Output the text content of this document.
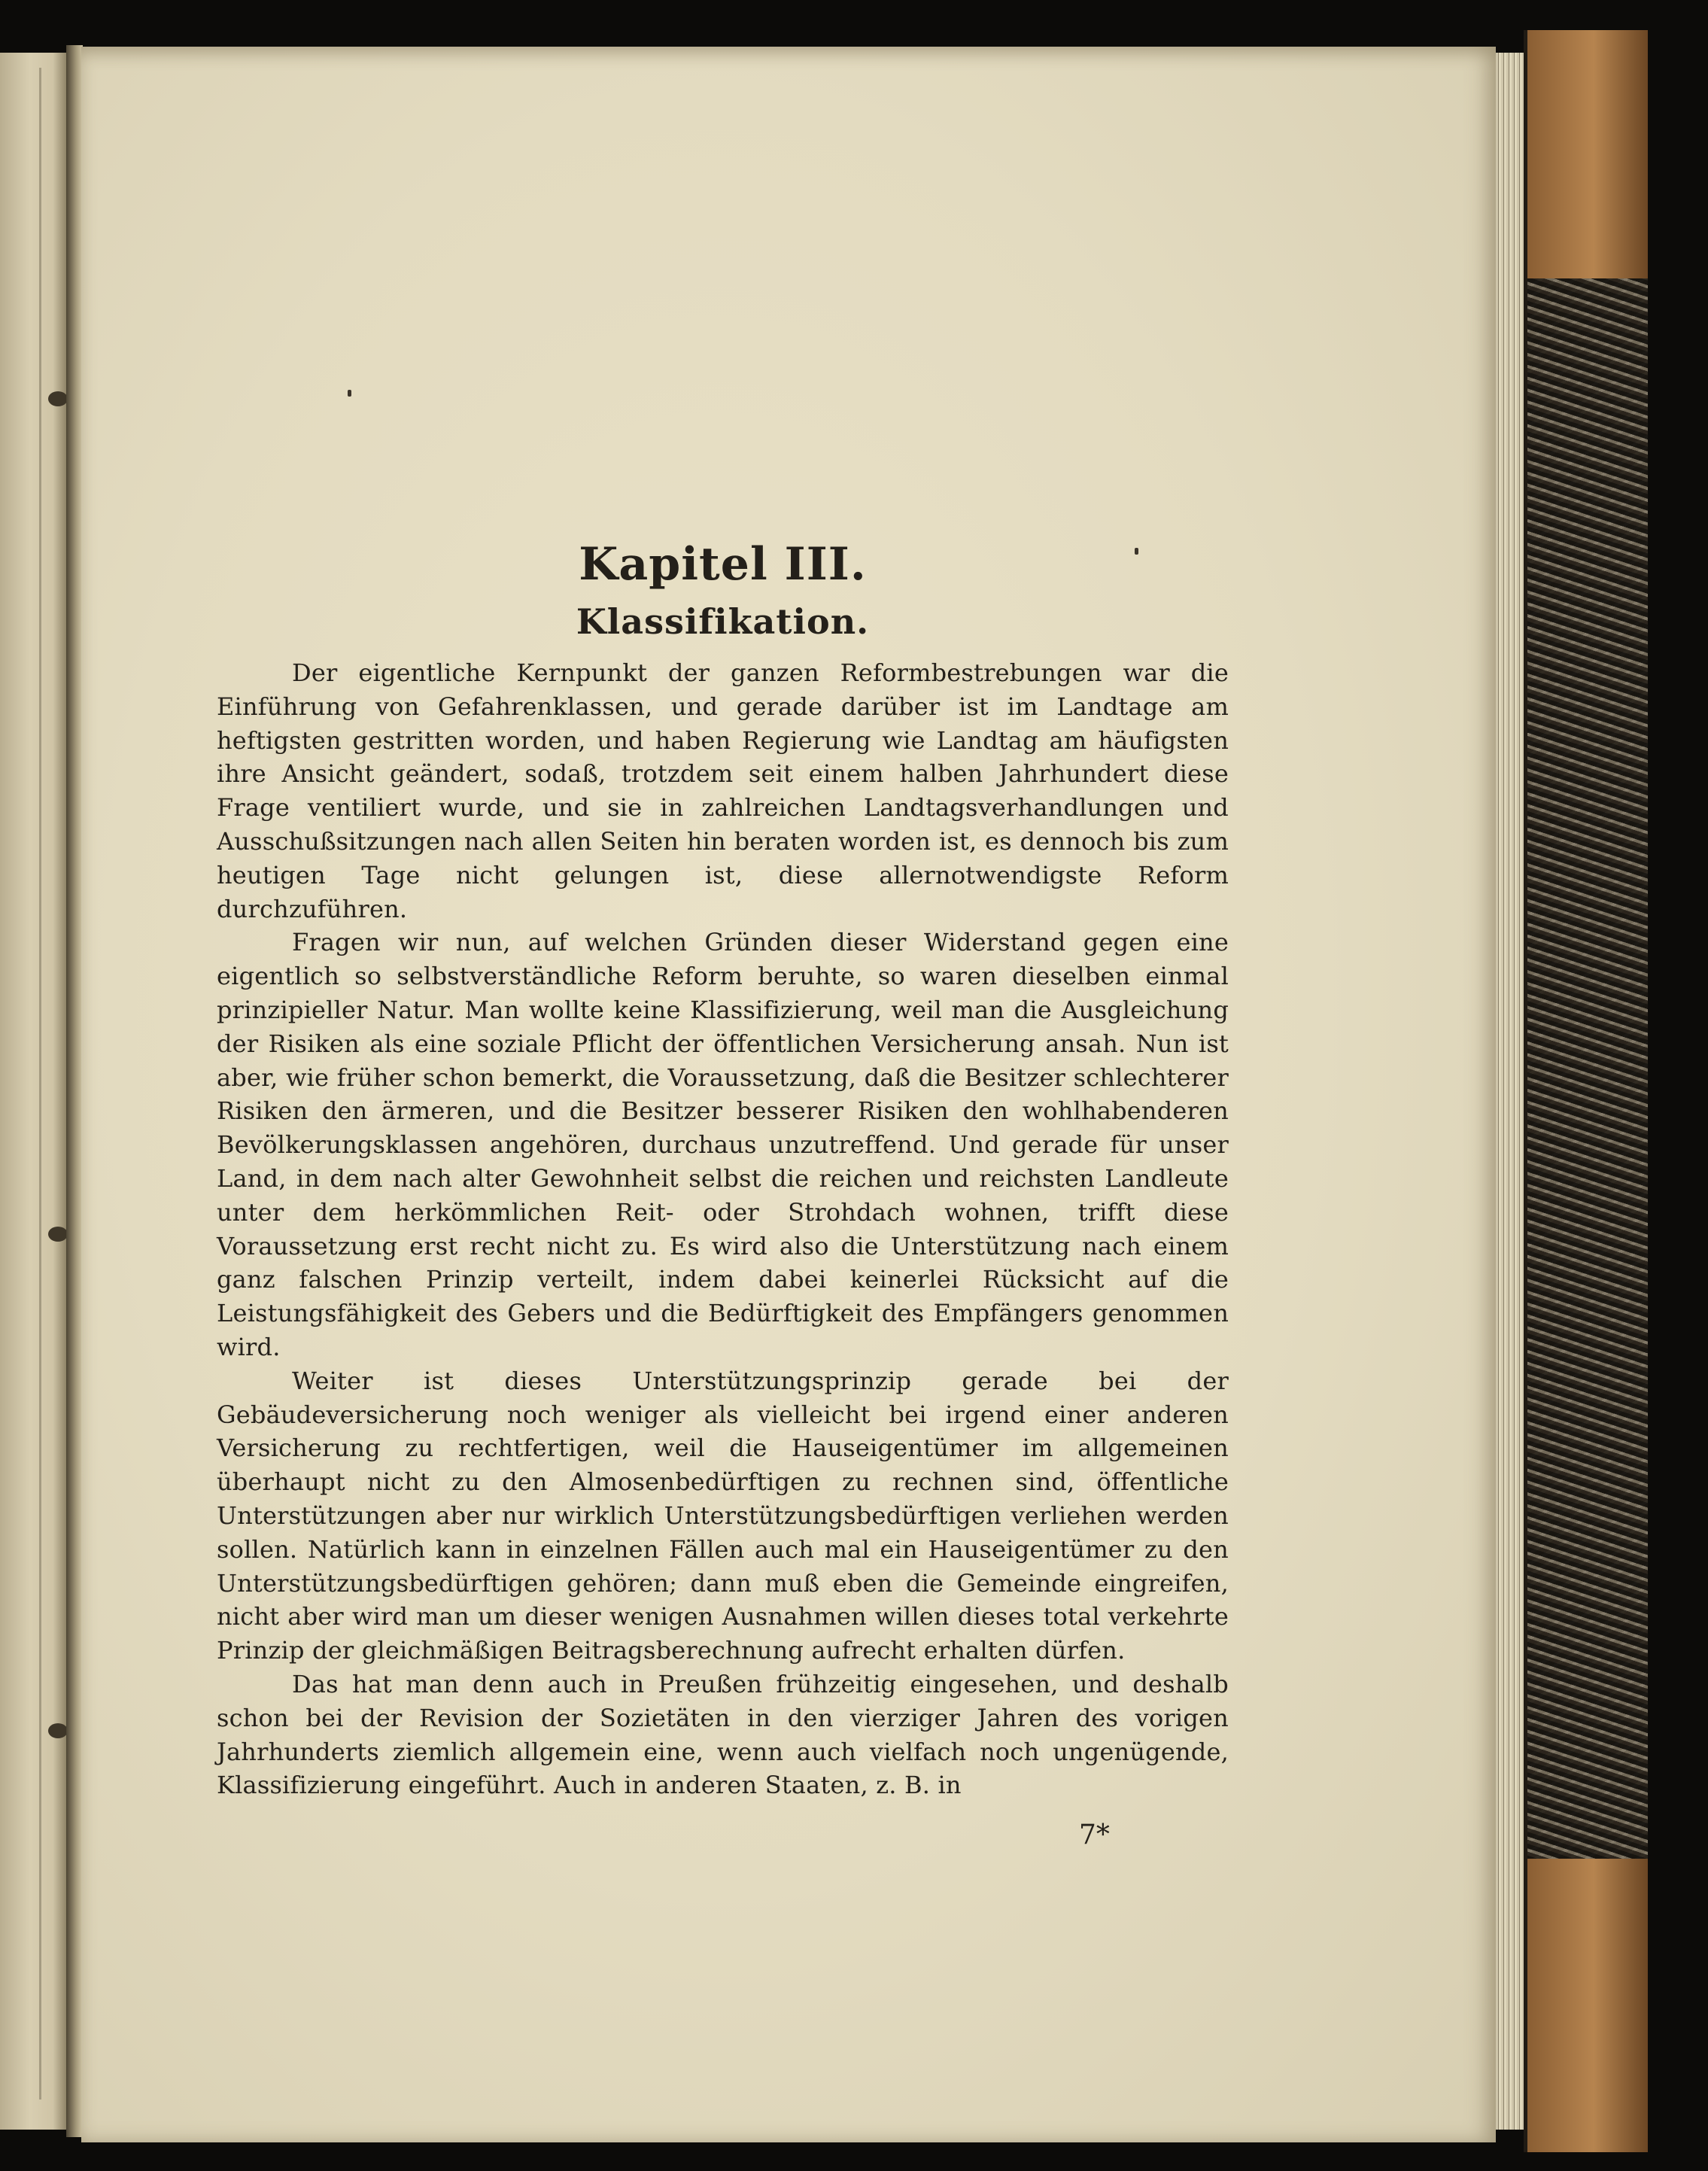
Kapitel III.
Klassifikation.

Der eigentliche Kernpunkt der ganzen Reformbestrebungen war die Einführung von Gefahrenklassen, und gerade darüber ist im Landtage am heftigsten gestritten worden, und haben Regierung wie Landtag am häufigsten ihre Ansicht geändert, sodaß, trotzdem seit einem halben Jahrhundert diese Frage ventiliert wurde, und sie in zahlreichen Landtagsverhandlungen und Ausschußsitzungen nach allen Seiten hin beraten worden ist, es dennoch bis zum heutigen Tage nicht gelungen ist, diese allernotwendigste Reform durchzuführen.

Fragen wir nun, auf welchen Gründen dieser Widerstand gegen eine eigentlich so selbstverständliche Reform beruhte, so waren dieselben einmal prinzipieller Natur. Man wollte keine Klassifizierung, weil man die Ausgleichung der Risiken als eine soziale Pflicht der öffentlichen Versicherung ansah. Nun ist aber, wie früher schon bemerkt, die Voraussetzung, daß die Besitzer schlechterer Risiken den ärmeren, und die Besitzer besserer Risiken den wohlhabenderen Bevölkerungsklassen angehören, durchaus unzutreffend. Und gerade für unser Land, in dem nach alter Gewohnheit selbst die reichen und reichsten Landleute unter dem herkömmlichen Reit- oder Strohdach wohnen, trifft diese Voraussetzung erst recht nicht zu. Es wird also die Unterstützung nach einem ganz falschen Prinzip verteilt, indem dabei keinerlei Rücksicht auf die Leistungsfähigkeit des Gebers und die Bedürftigkeit des Empfängers genommen wird.

Weiter ist dieses Unterstützungsprinzip gerade bei der Gebäudeversicherung noch weniger als vielleicht bei irgend einer anderen Versicherung zu rechtfertigen, weil die Hauseigentümer im allgemeinen überhaupt nicht zu den Almosenbedürftigen zu rechnen sind, öffentliche Unterstützungen aber nur wirklich Unterstützungsbedürftigen verliehen werden sollen. Natürlich kann in einzelnen Fällen auch mal ein Hauseigentümer zu den Unterstützungsbedürftigen gehören; dann muß eben die Gemeinde eingreifen, nicht aber wird man um dieser wenigen Ausnahmen willen dieses total verkehrte Prinzip der gleichmäßigen Beitragsberechnung aufrecht erhalten dürfen.

Das hat man denn auch in Preußen frühzeitig eingesehen, und deshalb schon bei der Revision der Sozietäten in den vierziger Jahren des vorigen Jahrhunderts ziemlich allgemein eine, wenn auch vielfach noch ungenügende, Klassifizierung eingeführt. Auch in anderen Staaten, z. B. in

7*
